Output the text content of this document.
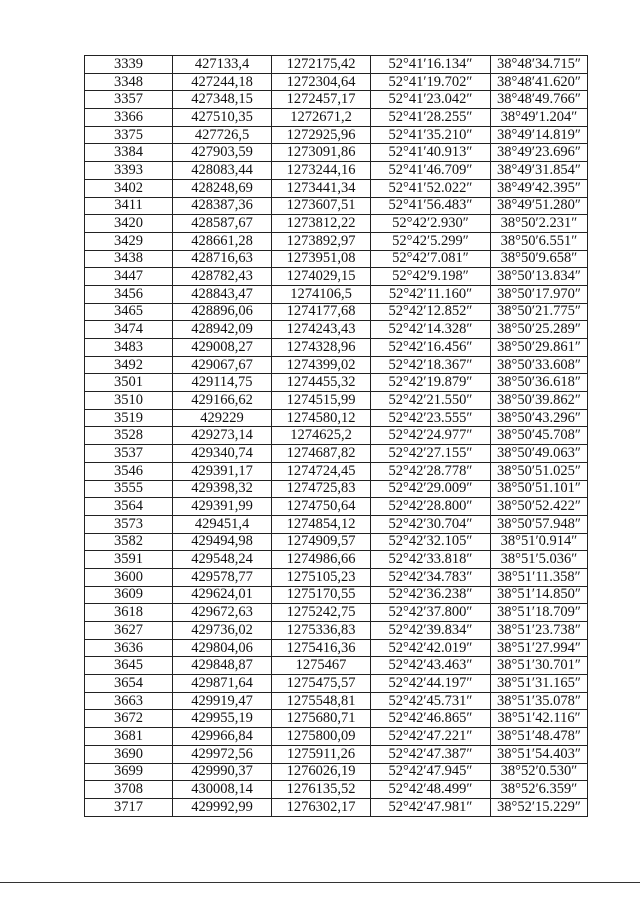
3339	427133,4	1272175,42	52°41′16.134″	38°48′34.715″
3348	427244,18	1272304,64	52°41′19.702″	38°48′41.620″
3357	427348,15	1272457,17	52°41′23.042″	38°48′49.766″
3366	427510,35	1272671,2	52°41′28.255″	38°49′1.204″
3375	427726,5	1272925,96	52°41′35.210″	38°49′14.819″
3384	427903,59	1273091,86	52°41′40.913″	38°49′23.696″
3393	428083,44	1273244,16	52°41′46.709″	38°49′31.854″
3402	428248,69	1273441,34	52°41′52.022″	38°49′42.395″
3411	428387,36	1273607,51	52°41′56.483″	38°49′51.280″
3420	428587,67	1273812,22	52°42′2.930″	38°50′2.231″
3429	428661,28	1273892,97	52°42′5.299″	38°50′6.551″
3438	428716,63	1273951,08	52°42′7.081″	38°50′9.658″
3447	428782,43	1274029,15	52°42′9.198″	38°50′13.834″
3456	428843,47	1274106,5	52°42′11.160″	38°50′17.970″
3465	428896,06	1274177,68	52°42′12.852″	38°50′21.775″
3474	428942,09	1274243,43	52°42′14.328″	38°50′25.289″
3483	429008,27	1274328,96	52°42′16.456″	38°50′29.861″
3492	429067,67	1274399,02	52°42′18.367″	38°50′33.608″
3501	429114,75	1274455,32	52°42′19.879″	38°50′36.618″
3510	429166,62	1274515,99	52°42′21.550″	38°50′39.862″
3519	429229	1274580,12	52°42′23.555″	38°50′43.296″
3528	429273,14	1274625,2	52°42′24.977″	38°50′45.708″
3537	429340,74	1274687,82	52°42′27.155″	38°50′49.063″
3546	429391,17	1274724,45	52°42′28.778″	38°50′51.025″
3555	429398,32	1274725,83	52°42′29.009″	38°50′51.101″
3564	429391,99	1274750,64	52°42′28.800″	38°50′52.422″
3573	429451,4	1274854,12	52°42′30.704″	38°50′57.948″
3582	429494,98	1274909,57	52°42′32.105″	38°51′0.914″
3591	429548,24	1274986,66	52°42′33.818″	38°51′5.036″
3600	429578,77	1275105,23	52°42′34.783″	38°51′11.358″
3609	429624,01	1275170,55	52°42′36.238″	38°51′14.850″
3618	429672,63	1275242,75	52°42′37.800″	38°51′18.709″
3627	429736,02	1275336,83	52°42′39.834″	38°51′23.738″
3636	429804,06	1275416,36	52°42′42.019″	38°51′27.994″
3645	429848,87	1275467	52°42′43.463″	38°51′30.701″
3654	429871,64	1275475,57	52°42′44.197″	38°51′31.165″
3663	429919,47	1275548,81	52°42′45.731″	38°51′35.078″
3672	429955,19	1275680,71	52°42′46.865″	38°51′42.116″
3681	429966,84	1275800,09	52°42′47.221″	38°51′48.478″
3690	429972,56	1275911,26	52°42′47.387″	38°51′54.403″
3699	429990,37	1276026,19	52°42′47.945″	38°52′0.530″
3708	430008,14	1276135,52	52°42′48.499″	38°52′6.359″
3717	429992,99	1276302,17	52°42′47.981″	38°52′15.229″
